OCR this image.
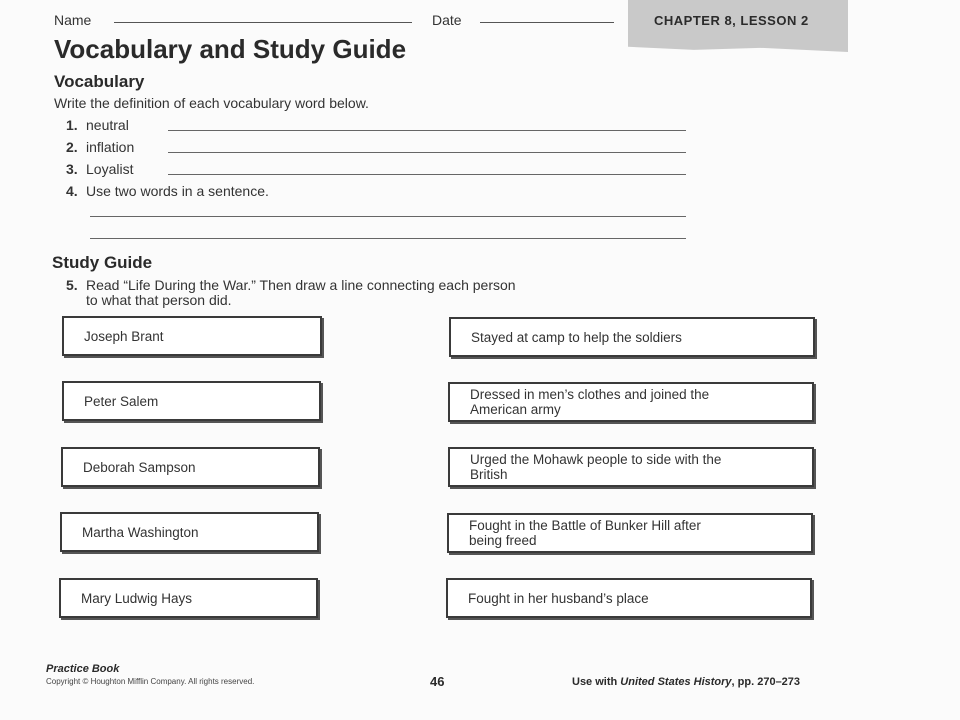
Name	Date	CHAPTER 8, LESSON 2
Vocabulary and Study Guide
Vocabulary
Write the definition of each vocabulary word below.
1. neutral
2. inflation
3. Loyalist
4. Use two words in a sentence.
Study Guide
5. Read “Life During the War.” Then draw a line connecting each person
to what that person did.
Joseph Brant
Peter Salem
Deborah Sampson
Martha Washington
Mary Ludwig Hays
Stayed at camp to help the soldiers
Dressed in men’s clothes and joined the
American army
Urged the Mohawk people to side with the
British
Fought in the Battle of Bunker Hill after
being freed
Fought in her husband’s place
Practice Book
Copyright © Houghton Mifflin Company. All rights reserved.	46	Use with United States History, pp. 270–273
